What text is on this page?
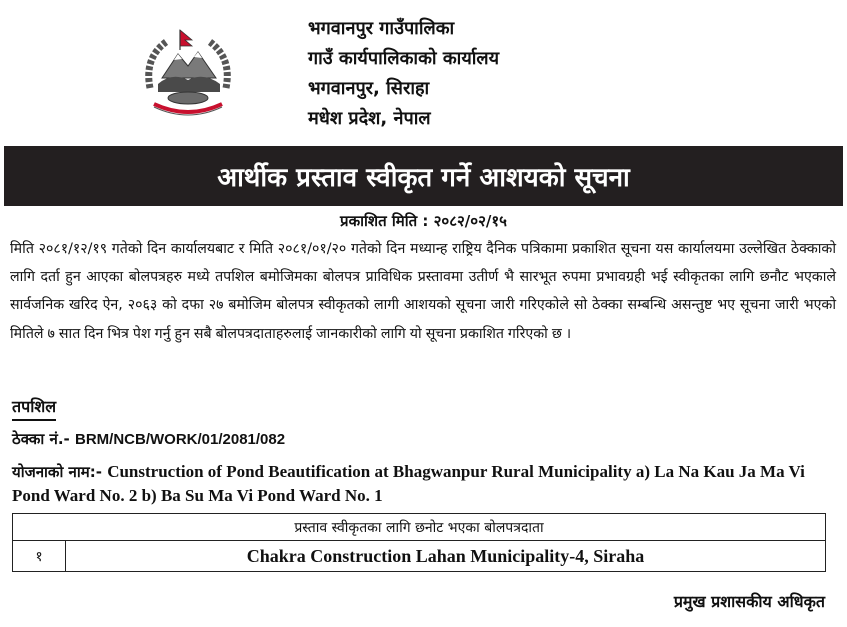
भगवानपुर गाउँपालिका
गाउँ कार्यपालिकाको कार्यालय
भगवानपुर, सिराहा
मधेश प्रदेश, नेपाल
आर्थीक प्रस्ताव स्वीकृत गर्ने आशयको सूचना
प्रकाशित मिति : २०८२/०२/१५
मिति २०८१/१२/१९ गतेको दिन कार्यालयबाट र मिति २०८१/०१/२० गतेको दिन मध्यान्ह राष्ट्रिय दैनिक पत्रिकामा प्रकाशित सूचना यस कार्यालयमा उल्लेखित ठेक्काको लागि दर्ता हुन आएका बोलपत्रहरु मध्ये तपशिल बमोजिमका बोलपत्र प्राविधिक प्रस्तावमा उतीर्ण भै सारभूत रुपमा प्रभावग्रही भई स्वीकृतका लागि छनौट भएकाले सार्वजनिक खरिद ऐन, २०६३ को दफा २७ बमोजिम बोलपत्र स्वीकृतको लागी आशयको सूचना जारी गरिएकोले सो ठेक्का सम्बन्धि असन्तुष्ट भए सूचना जारी भएको मितिले ७ सात दिन भित्र पेश गर्नु हुन सबै बोलपत्रदाताहरुलाई जानकारीको लागि यो सूचना प्रकाशित गरिएको छ ।
तपशिल
ठेक्का नं.- BRM/NCB/WORK/01/2081/082
योजनाको नाम:- Cunstruction of Pond Beautification at Bhagwanpur Rural Municipality a) La Na Kau Ja Ma Vi Pond Ward No. 2 b) Ba Su Ma Vi Pond Ward No. 1
प्रस्ताव स्वीकृतका लागि छनोट भएका बोलपत्रदाता
१	Chakra Construction Lahan Municipality-4, Siraha
प्रमुख प्रशासकीय अधिकृत
